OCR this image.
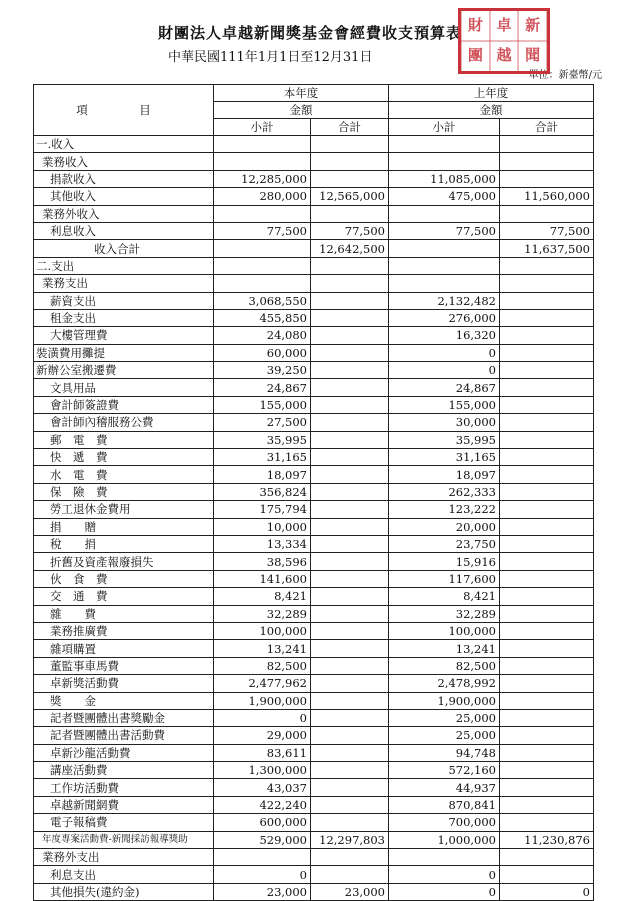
財團法人卓越新聞獎基金會經費收支預算表
中華民國111年1月1日至12月31日
單位：新臺幣/元
財 卓 新
團 越 聞
項　目	本年度		上年度	
	金額		金額	
	小計	合計	小計	合計
一.收入				
業務收入				
捐款收入	12,285,000		11,085,000	
其他收入	280,000	12,565,000	475,000	11,560,000
業務外收入				
利息收入	77,500	77,500	77,500	77,500
收入合計		12,642,500		11,637,500
二.支出				
業務支出				
薪資支出	3,068,550		2,132,482	
租金支出	455,850		276,000	
大樓管理費	24,080		16,320	
裝潢費用攤提	60,000		0	
新辦公室搬遷費	39,250		0	
文具用品	24,867		24,867	
會計師簽證費	155,000		155,000	
會計師內稽服務公費	27,500		30,000	
郵　電　費	35,995		35,995	
快　遞　費	31,165		31,165	
水　電　費	18,097		18,097	
保　險　費	356,824		262,333	
勞工退休金費用	175,794		123,222	
捐　　贈	10,000		20,000	
稅　　捐	13,334		23,750	
折舊及資產報廢損失	38,596		15,916	
伙　食　費	141,600		117,600	
交　通　費	8,421		8,421	
雜　　費	32,289		32,289	
業務推廣費	100,000		100,000	
雜項購置	13,241		13,241	
董監事車馬費	82,500		82,500	
卓新獎活動費	2,477,962		2,478,992	
獎　　金	1,900,000		1,900,000	
記者暨團體出書獎勵金	0		25,000	
記者暨團體出書活動費	29,000		25,000	
卓新沙龍活動費	83,611		94,748	
講座活動費	1,300,000		572,160	
工作坊活動費	43,037		44,937	
卓越新聞網費	422,240		870,841	
電子報稿費	600,000		700,000	
年度專案活動費-新聞採訪報導獎助	529,000	12,297,803	1,000,000	11,230,876
業務外支出				
利息支出	0		0	
其他損失(違約金)	23,000	23,000	0	0
